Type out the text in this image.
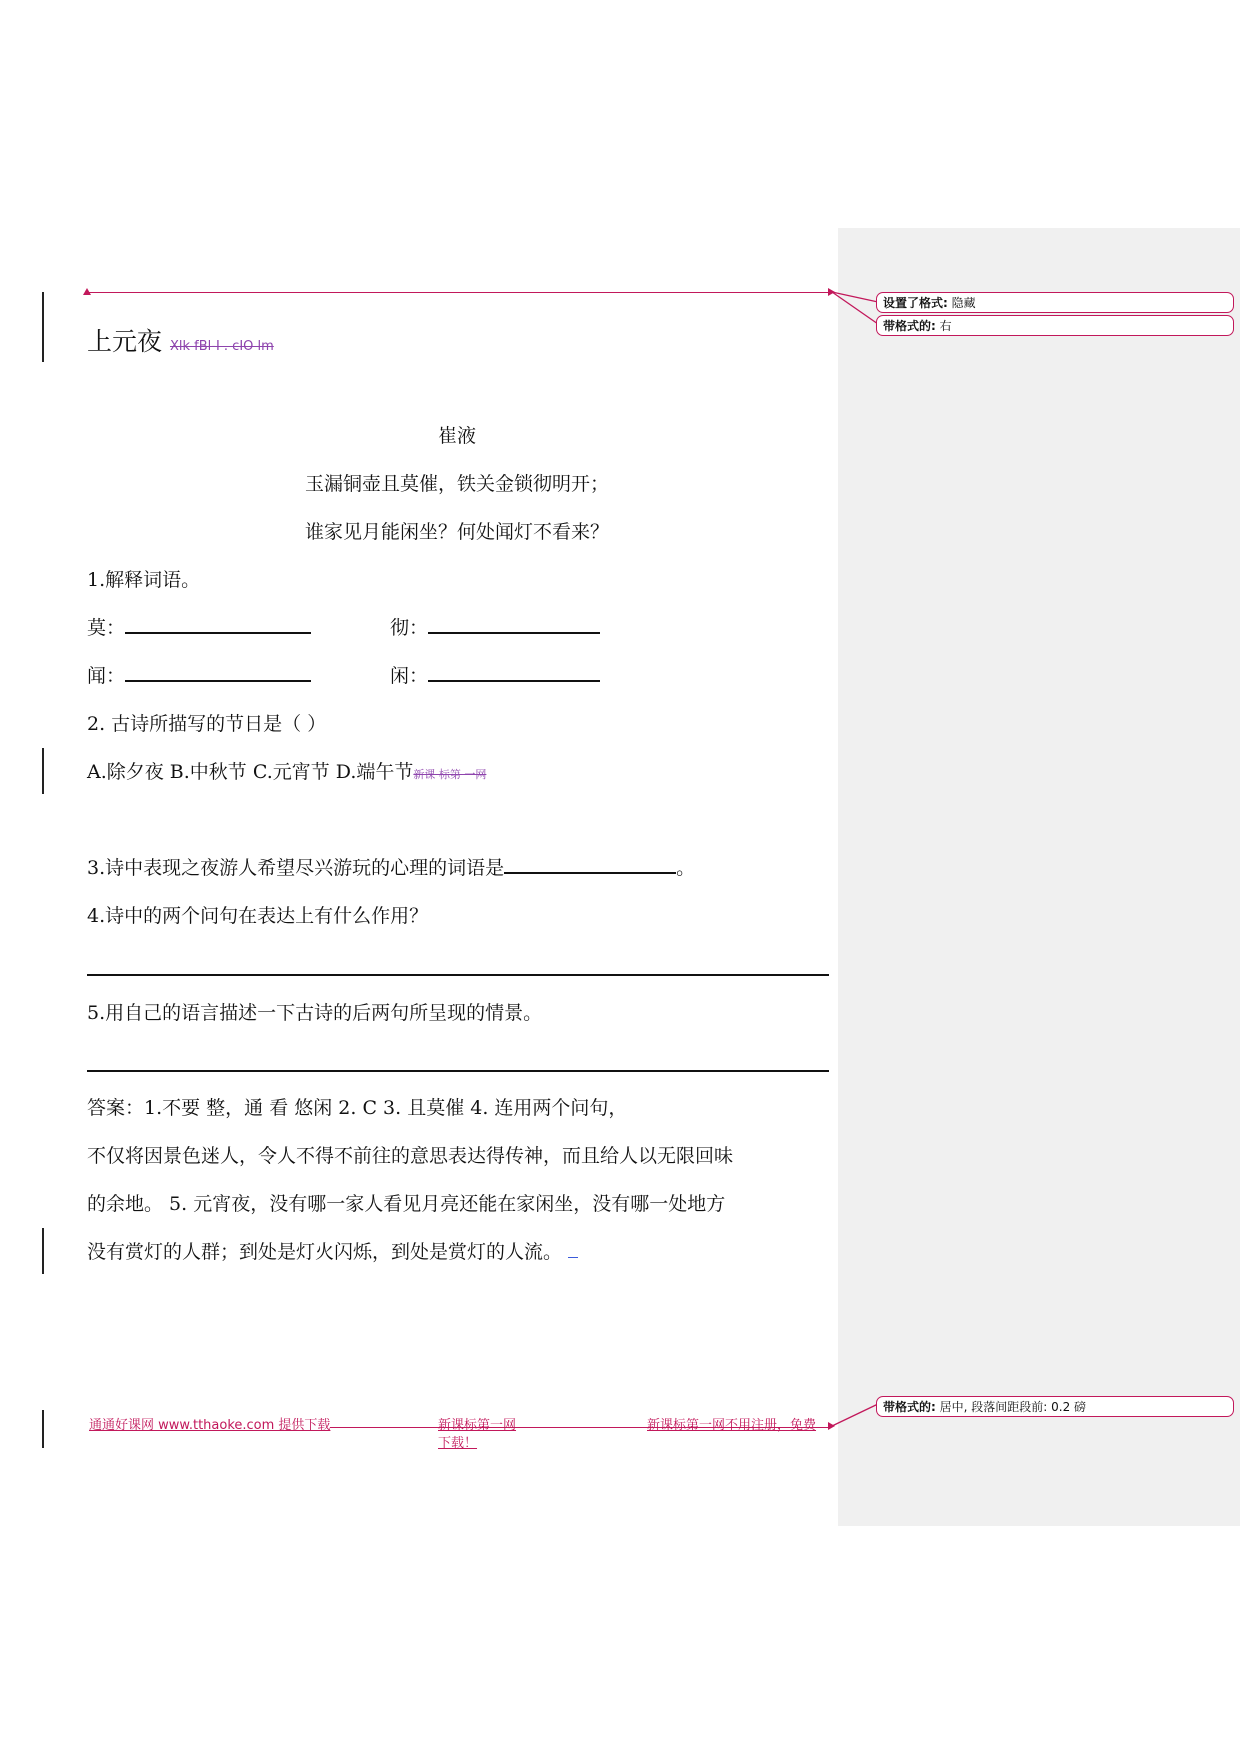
设置了格式: 隐藏
带格式的: 右
上元夜 Xlk fBl-I . cIO lm
崔液
玉漏铜壶且莫催，铁关金锁彻明开；
谁家见月能闲坐？何处闻灯不看来？
1.解释词语。
莫：	彻：
闻：	闲：
2. 古诗所描写的节日是（ ）
A.除夕夜 B.中秋节 C.元宵节 D.端午节新课 标第 一网
3.诗中表现之夜游人希望尽兴游玩的心理的词语是	。
4.诗中的两个问句在表达上有什么作用？
5.用自己的语言描述一下古诗的后两句所呈现的情景。

答案：1.不要 整，通 看 悠闲 2. C 3. 且莫催 4. 连用两个问句，

不仅将因景色迷人，令人不得不前往的意思表达得传神，而且给人以无限回味

的余地。 5. 元宵夜，没有哪一家人看见月亮还能在家闲坐，没有哪一处地方

没有赏灯的人群；到处是灯火闪烁，到处是赏灯的人流。

通通好课网 www.tthaoke.com 提供下载	新课标第一网
下载！
新课标第一网不用注册，免费
带格式的: 居中, 段落间距段前: 0.2 磅
